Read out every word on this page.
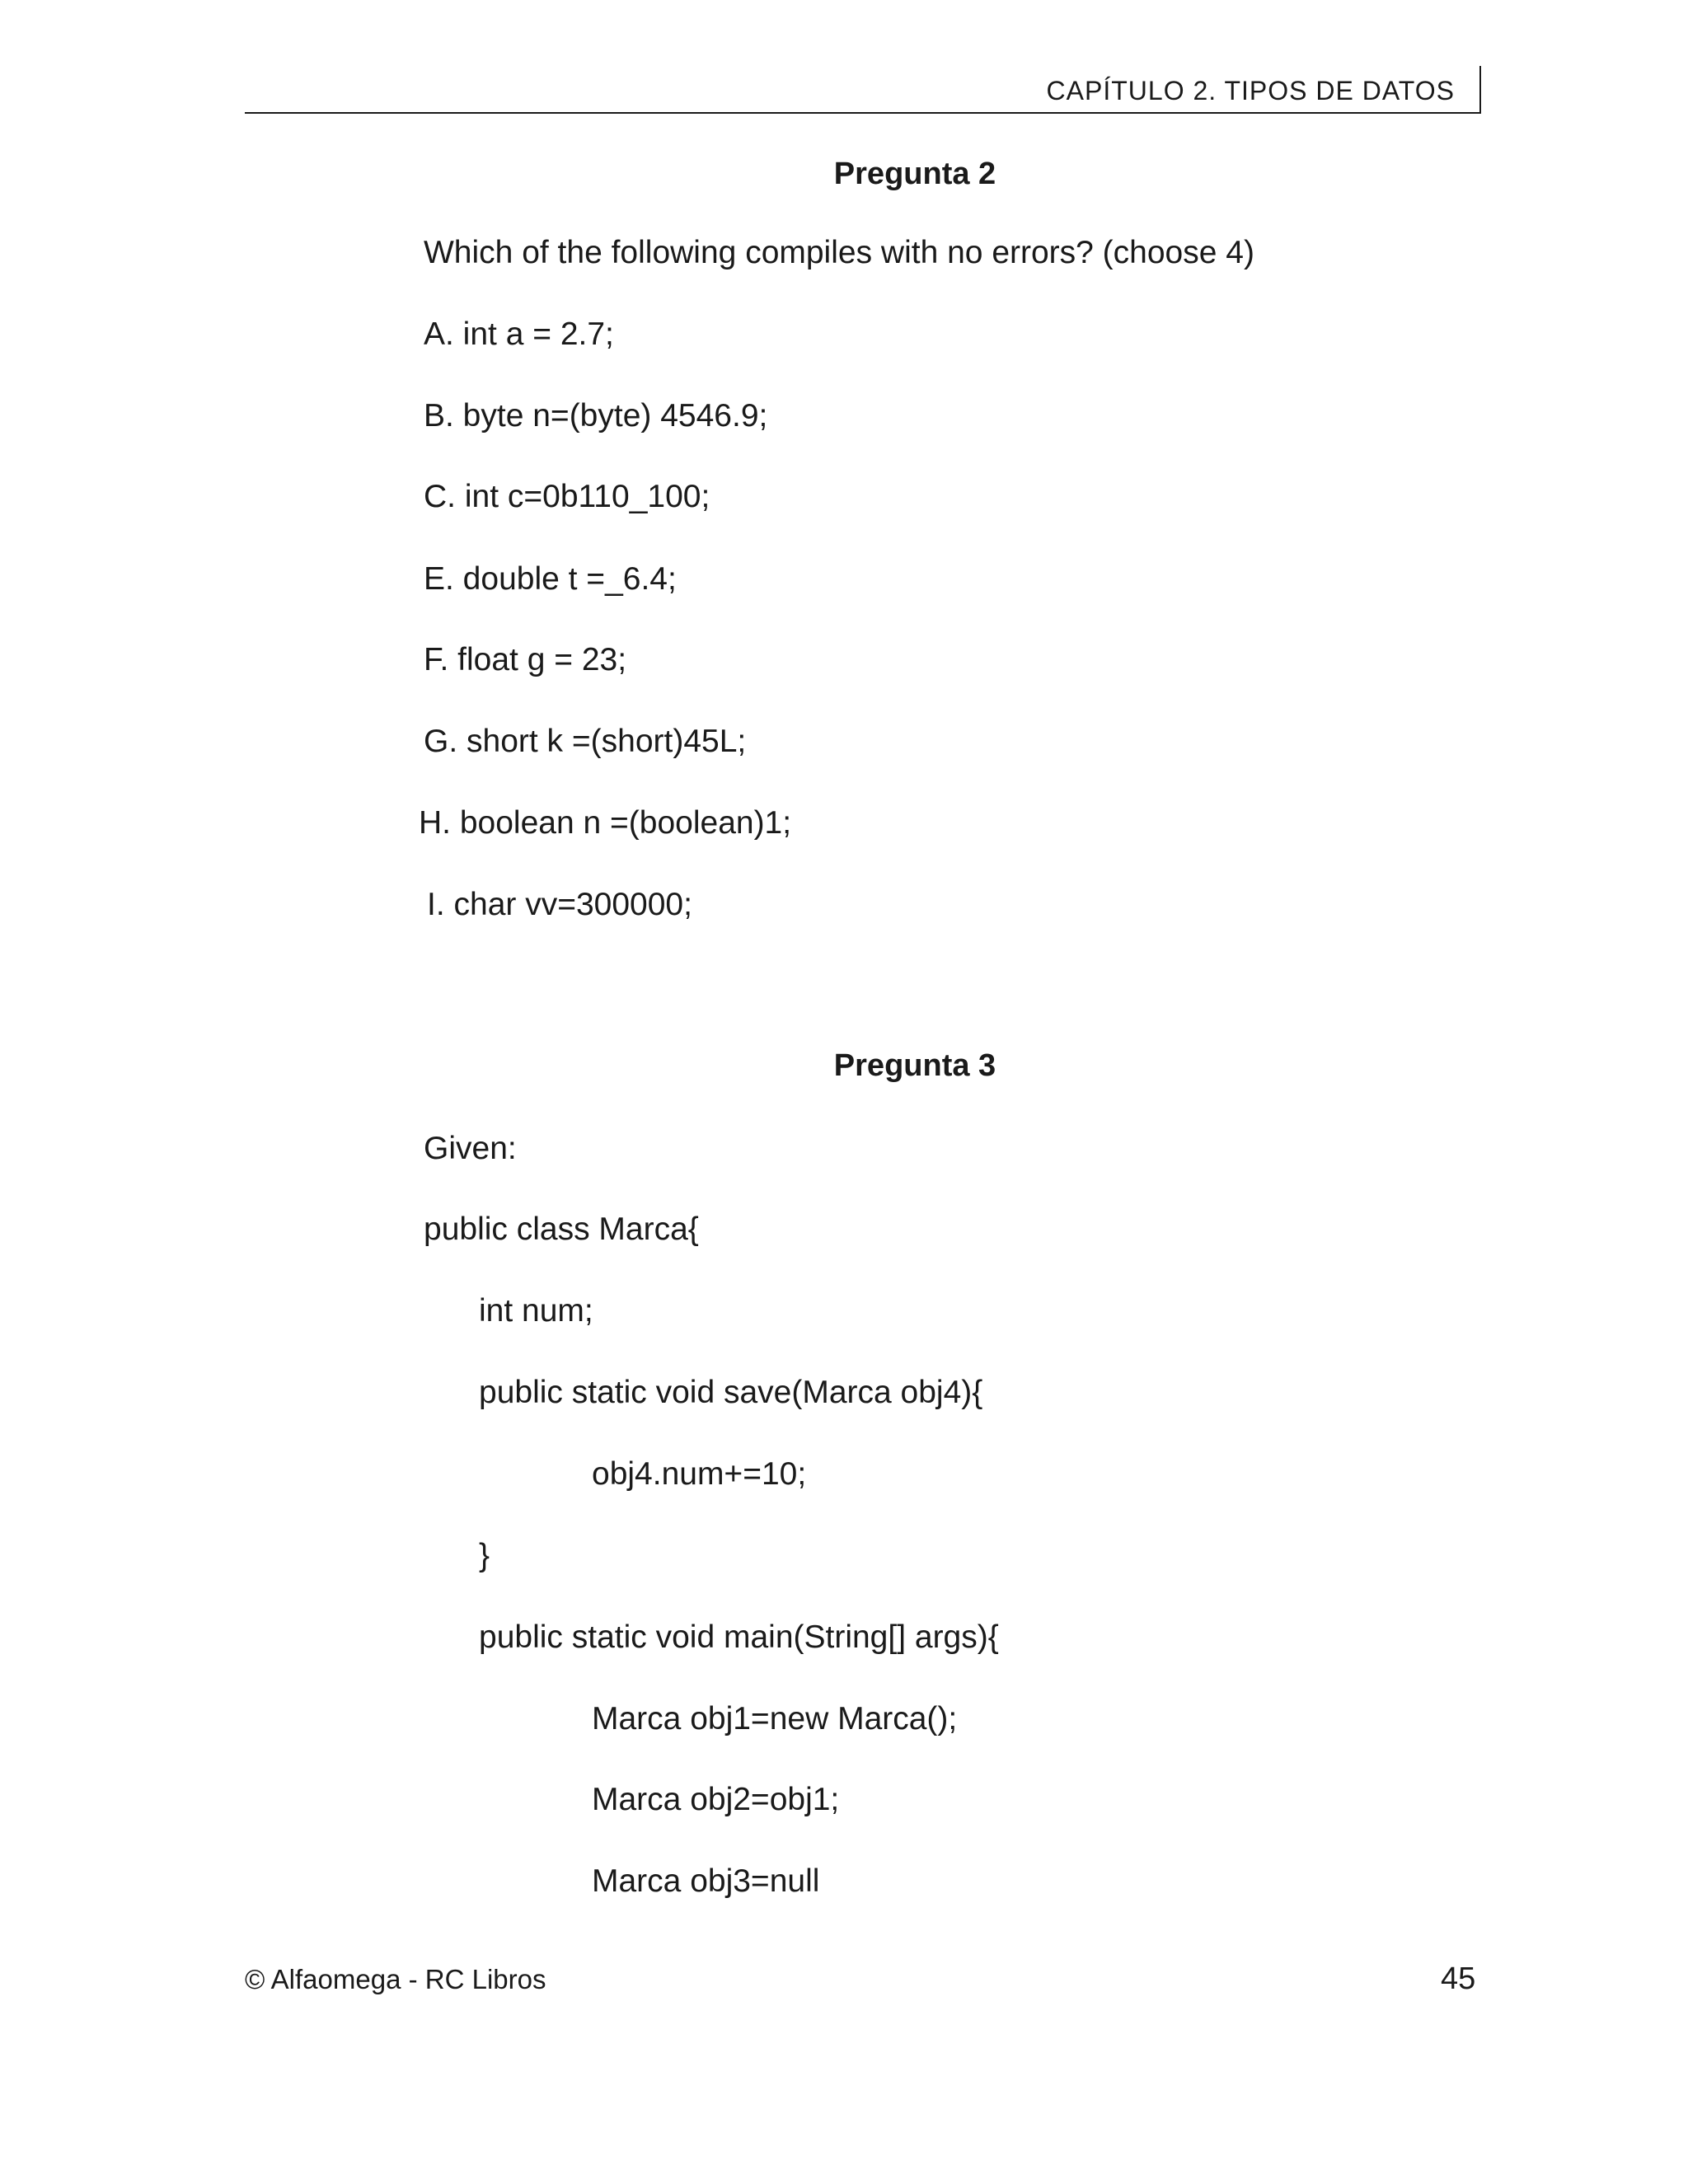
CAPÍTULO 2. TIPOS DE DATOS
Pregunta 2
Which of the following compiles with no errors? (choose 4)
A. int a = 2.7;
B. byte n=(byte) 4546.9;
C. int c=0b110_100;
E. double t =_6.4;
F. float g = 23;
G. short k =(short)45L;
H. boolean n =(boolean)1;
I. char vv=300000;
Pregunta 3
Given:
public class Marca{
int num;
public static void save(Marca obj4){
obj4.num+=10;
}
public static void main(String[] args){
Marca obj1=new Marca();
Marca obj2=obj1;
Marca obj3=null
© Alfaomega - RC Libros	45
